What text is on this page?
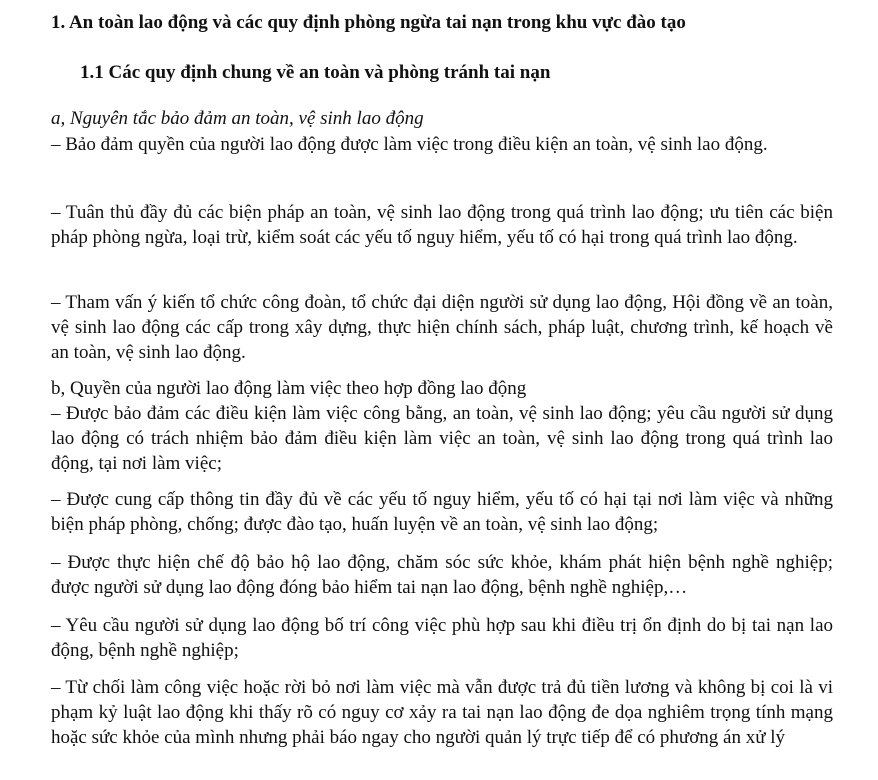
1. An toàn lao động và các quy định phòng ngừa tai nạn trong khu vực đào tạo
1.1 Các quy định chung về an toàn và phòng tránh tai nạn
a, Nguyên tắc bảo đảm an toàn, vệ sinh lao động
– Bảo đảm quyền của người lao động được làm việc trong điều kiện an toàn, vệ sinh lao động.
– Tuân thủ đầy đủ các biện pháp an toàn, vệ sinh lao động trong quá trình lao động; ưu tiên các biện pháp phòng ngừa, loại trừ, kiểm soát các yếu tố nguy hiểm, yếu tố có hại trong quá trình lao động.
– Tham vấn ý kiến tổ chức công đoàn, tổ chức đại diện người sử dụng lao động, Hội đồng về an toàn, vệ sinh lao động các cấp trong xây dựng, thực hiện chính sách, pháp luật, chương trình, kế hoạch về an toàn, vệ sinh lao động.
b, Quyền của người lao động làm việc theo hợp đồng lao động
– Được bảo đảm các điều kiện làm việc công bằng, an toàn, vệ sinh lao động; yêu cầu người sử dụng lao động có trách nhiệm bảo đảm điều kiện làm việc an toàn, vệ sinh lao động trong quá trình lao động, tại nơi làm việc;
– Được cung cấp thông tin đầy đủ về các yếu tố nguy hiểm, yếu tố có hại tại nơi làm việc và những biện pháp phòng, chống; được đào tạo, huấn luyện về an toàn, vệ sinh lao động;
– Được thực hiện chế độ bảo hộ lao động, chăm sóc sức khỏe, khám phát hiện bệnh nghề nghiệp; được người sử dụng lao động đóng bảo hiểm tai nạn lao động, bệnh nghề nghiệp,…
– Yêu cầu người sử dụng lao động bố trí công việc phù hợp sau khi điều trị ổn định do bị tai nạn lao động, bệnh nghề nghiệp;
– Từ chối làm công việc hoặc rời bỏ nơi làm việc mà vẫn được trả đủ tiền lương và không bị coi là vi phạm kỷ luật lao động khi thấy rõ có nguy cơ xảy ra tai nạn lao động đe dọa nghiêm trọng tính mạng hoặc sức khỏe của mình nhưng phải báo ngay cho người quản lý trực tiếp để có phương án xử lý
